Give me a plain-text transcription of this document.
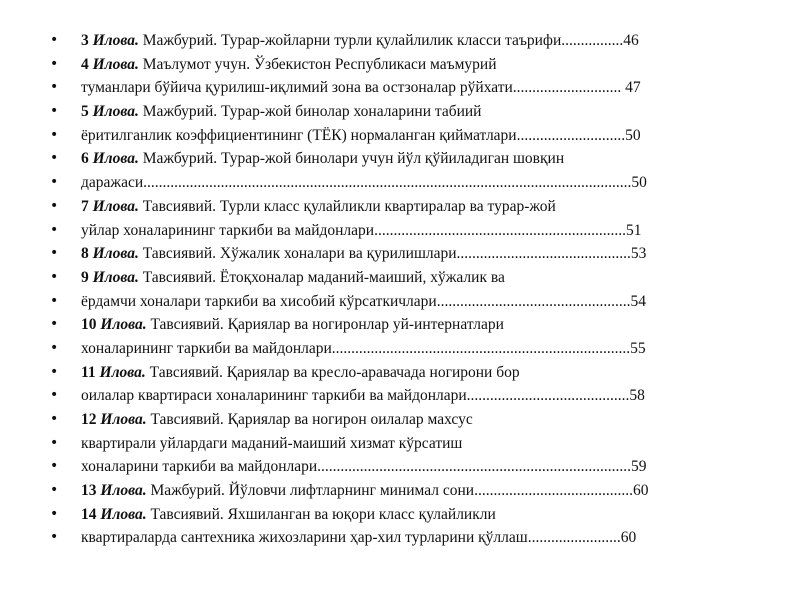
•	3 Илова. Мажбурий. Турар-жойларни турли қулайлилик класси таърифи................46
•	4 Илова. Маълумот учун. Ўзбекистон Республикаси маъмурий
•	туманлари бўйича қурилиш-иқлимий зона ва остзоналар рўйхати............................ 47
•	5 Илова. Мажбурий. Турар-жой бинолар хоналарини табиий
•	ёритилганлик коэффициентининг (ТЁК) нормаланган қийматлари............................50
•	6 Илова. Мажбурий. Турар-жой бинолари учун йўл қўйиладиган шовқин
•	даражаси..............................................................................................................................50
•	7 Илова. Тавсиявий. Турли класс қулайликли квартиралар ва турар-жой
•	уйлар хоналарининг таркиби ва майдонлари.................................................................51
•	8 Илова. Тавсиявий. Хўжалик хоналари ва қурилишлари.............................................53
•	9 Илова. Тавсиявий. Ётоқхоналар маданий-маиший, хўжалик ва
•	ёрдамчи хоналари таркиби ва хисобий кўрсаткичлари..................................................54
•	10 Илова. Тавсиявий. Қариялар ва ногиронлар уй-интернатлари
•	хоналарининг таркиби ва майдонлари.............................................................................55
•	11 Илова. Тавсиявий. Қариялар ва кресло-аравачада ногирони бор
•	оилалар квартираси хоналарининг таркиби ва майдонлари..........................................58
•	12 Илова. Тавсиявий. Қариялар ва ногирон оилалар махсус
•	квартирали уйлардаги маданий-маиший хизмат кўрсатиш
•	хоналарини таркиби ва майдонлари.................................................................................59
•	13 Илова. Мажбурий. Йўловчи лифтларнинг минимал сони.........................................60
•	14 Илова. Тавсиявий. Яхшиланган ва юқори класс қулайликли
•	квартираларда сантехника жихозларини ҳар-хил турларини қўллаш........................60
